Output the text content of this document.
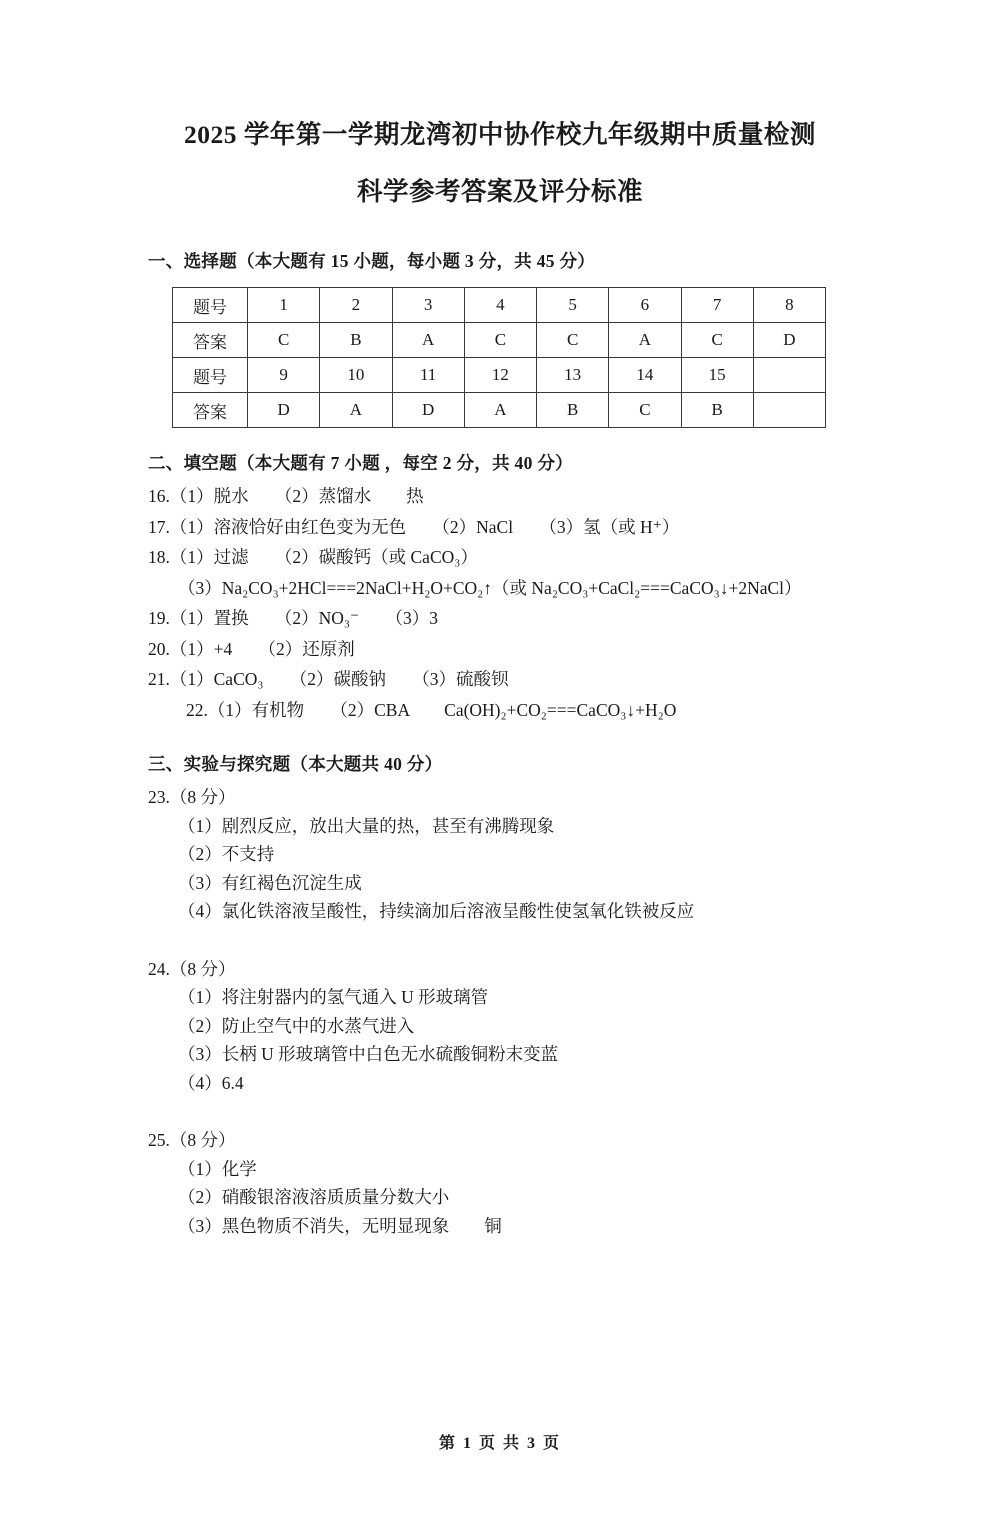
2025 学年第一学期龙湾初中协作校九年级期中质量检测
科学参考答案及评分标准
一、选择题（本大题有 15 小题，每小题 3 分，共 45 分）
题号	1	2	3	4	5	6	7	8
答案	C	B	A	C	C	A	C	D
题号	9	10	11	12	13	14	15	
答案	D	A	D	A	B	C	B	
二、填空题（本大题有 7 小题 ，每空 2 分，共 40 分）
16.（1）脱水　　（2）蒸馏水　　热
17.（1）溶液恰好由红色变为无色　　（2）NaCl　　（3）氢（或 H⁺）
18.（1）过滤　　（2）碳酸钙（或 CaCO₃）
（3）Na₂CO₃+2HCl===2NaCl+H₂O+CO₂↑（或 Na₂CO₃+CaCl₂===CaCO₃↓+2NaCl）
19.（1）置换　　（2）NO₃⁻　　（3）3
20.（1）+4　　（2）还原剂
21.（1）CaCO₃　　（2）碳酸钠　　（3）硫酸钡
22.（1）有机物　　（2）CBA　　Ca(OH)₂+CO₂===CaCO₃↓+H₂O
三、实验与探究题（本大题共 40 分）
23.（8 分）
（1）剧烈反应，放出大量的热，甚至有沸腾现象
（2）不支持
（3）有红褐色沉淀生成
（4）氯化铁溶液呈酸性，持续滴加后溶液呈酸性使氢氧化铁被反应
24.（8 分）
（1）将注射器内的氢气通入 U 形玻璃管
（2）防止空气中的水蒸气进入
（3）长柄 U 形玻璃管中白色无水硫酸铜粉末变蓝
（4）6.4
25.（8 分）
（1）化学
（2）硝酸银溶液溶质质量分数大小
（3）黑色物质不消失，无明显现象　　铜
第 1 页 共 3 页
